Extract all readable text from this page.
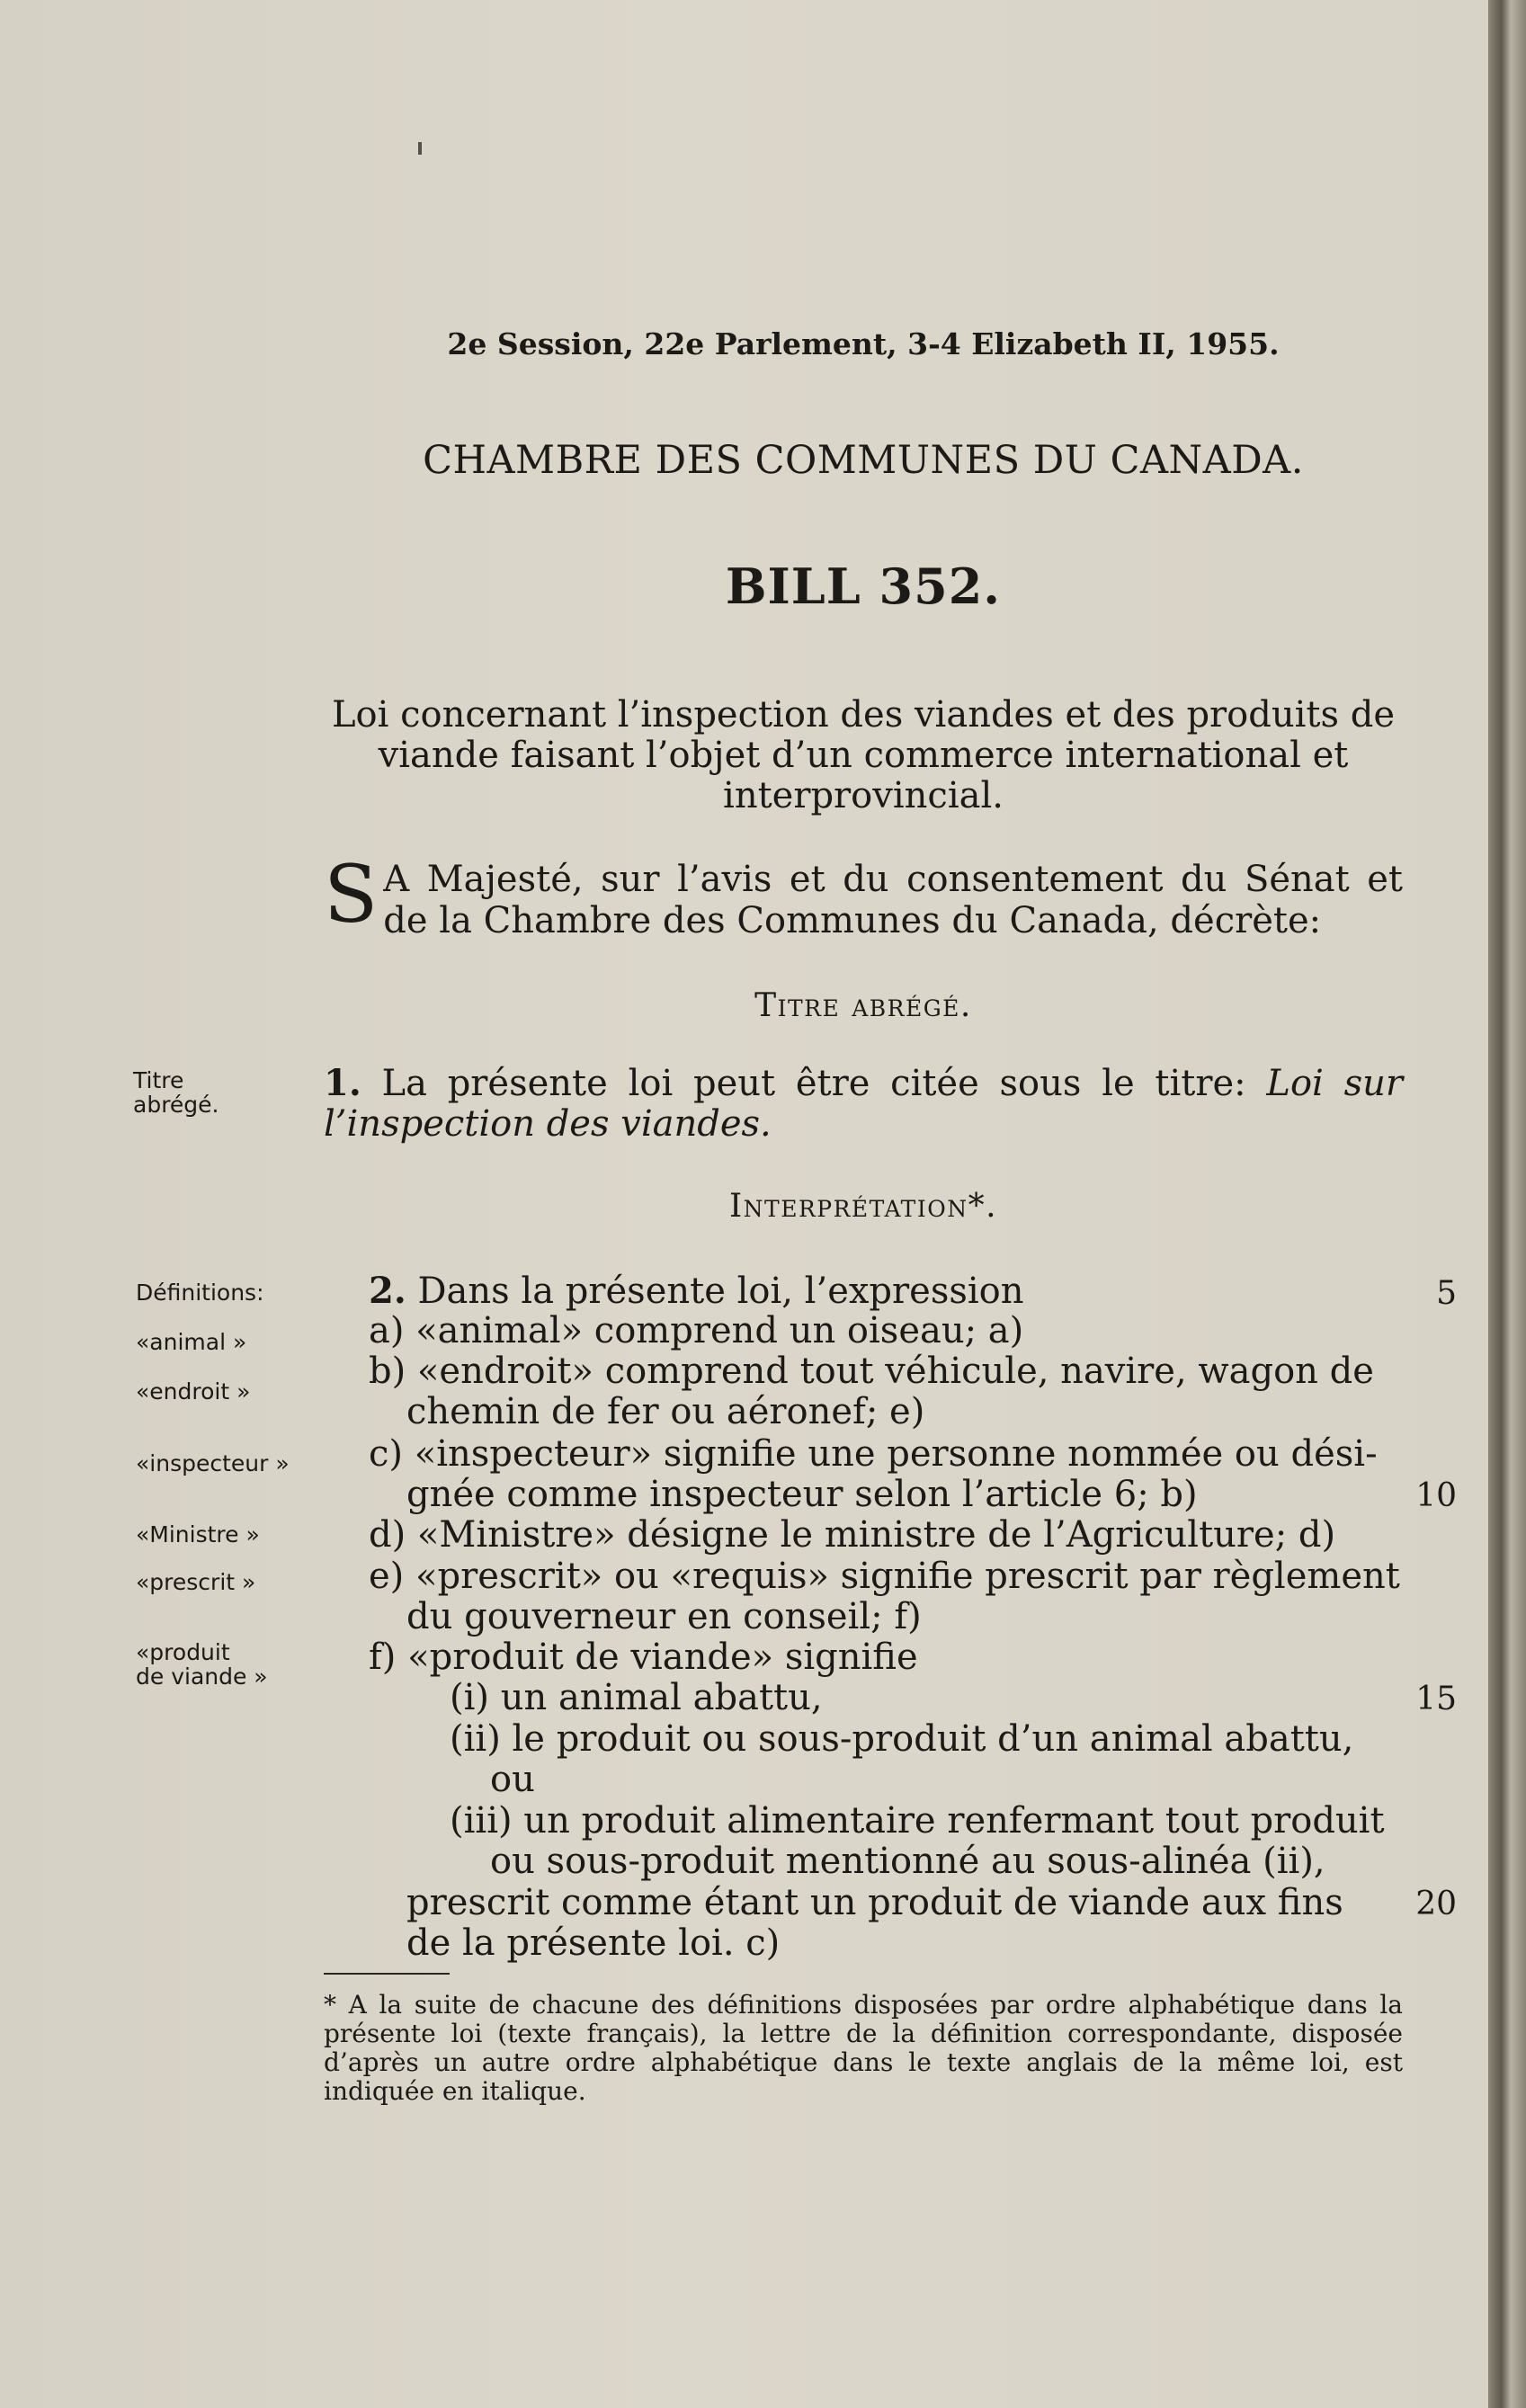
2e Session, 22e Parlement, 3-4 Elizabeth II, 1955.
CHAMBRE DES COMMUNES DU CANADA.
BILL 352.
Loi concernant l’inspection des viandes et des produits de viande faisant l’objet d’un commerce international et interprovincial.
S A Majesté, sur l’avis et du consentement du Sénat et de la Chambre des Communes du Canada, décrète:
Titre abrégé.
Titre
abrégé.
1. La présente loi peut être citée sous le titre: Loi sur l’inspection des viandes.
Interprétation*.
Définitions:
«animal »
«endroit »
«inspecteur »
«Ministre »
«prescrit »
«produit
de viande »
2. Dans la présente loi, l’expression
a) «animal» comprend un oiseau; a)
b) «endroit» comprend tout véhicule, navire, wagon de
chemin de fer ou aéronef; e)
c) «inspecteur» signifie une personne nommée ou dési-
gnée comme inspecteur selon l’article 6; b)
d) «Ministre» désigne le ministre de l’Agriculture; d)
e) «prescrit» ou «requis» signifie prescrit par règlement
du gouverneur en conseil; f)
f) «produit de viande» signifie
(i) un animal abattu,
(ii) le produit ou sous-produit d’un animal abattu,
ou
(iii) un produit alimentaire renfermant tout produit
ou sous-produit mentionné au sous-alinéa (ii),
prescrit comme étant un produit de viande aux fins
de la présente loi. c)
5
10
15
20
* A la suite de chacune des définitions disposées par ordre alphabétique dans la présente loi (texte français), la lettre de la définition correspondante, disposée d’après un autre ordre alphabétique dans le texte anglais de la même loi, est indiquée en italique.
